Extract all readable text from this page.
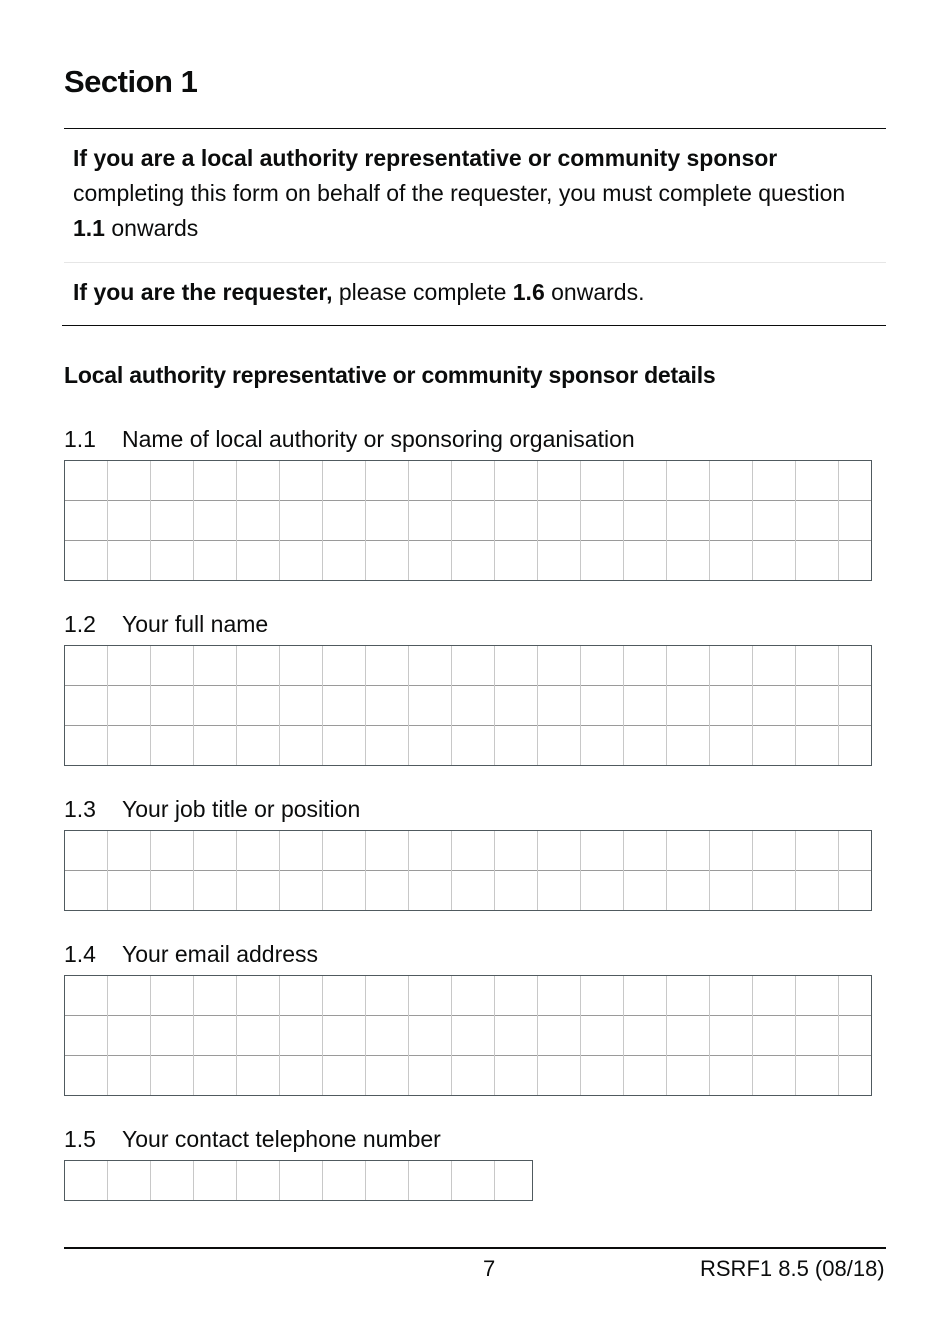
Section 1
If you are a local authority representative or community sponsor
completing this form on behalf of the requester, you must complete question 1.1 onwards
If you are the requester, please complete 1.6 onwards.
Local authority representative or community sponsor details
1.1 Name of local authority or sponsoring organisation
1.2 Your full name
1.3 Your job title or position
1.4 Your email address
1.5 Your contact telephone number
7	RSRF1 8.5 (08/18)
